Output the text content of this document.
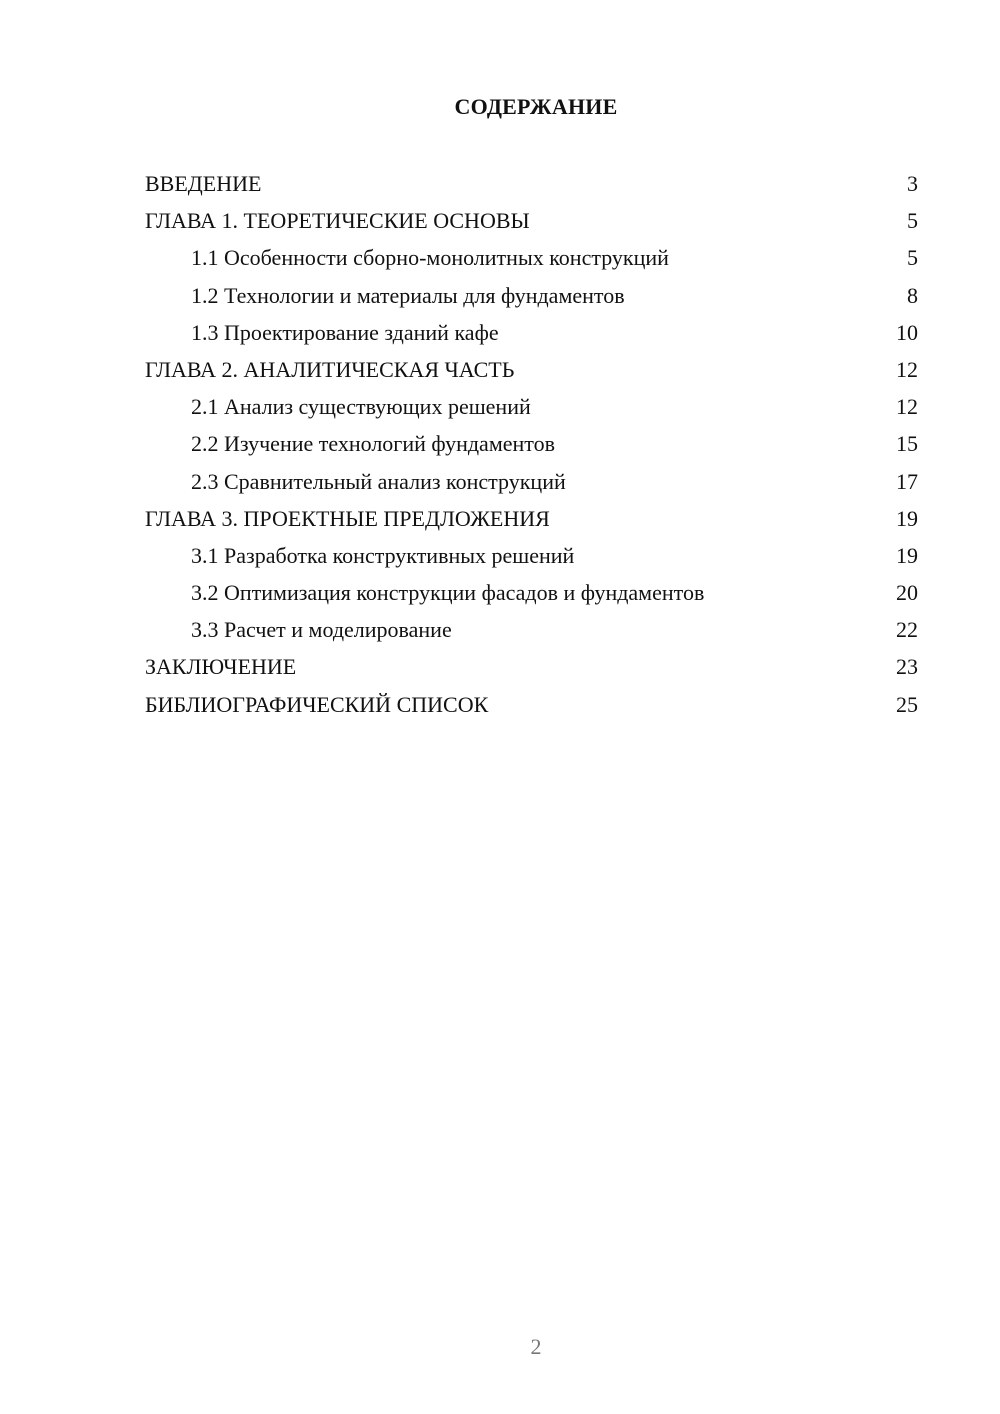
СОДЕРЖАНИЕ
ВВЕДЕНИЕ	3
ГЛАВА 1. ТЕОРЕТИЧЕСКИЕ ОСНОВЫ	5
1.1 Особенности сборно-монолитных конструкций	5
1.2 Технологии и материалы для фундаментов	8
1.3 Проектирование зданий кафе	10
ГЛАВА 2. АНАЛИТИЧЕСКАЯ ЧАСТЬ	12
2.1 Анализ существующих решений	12
2.2 Изучение технологий фундаментов	15
2.3 Сравнительный анализ конструкций	17
ГЛАВА 3. ПРОЕКТНЫЕ ПРЕДЛОЖЕНИЯ	19
3.1 Разработка конструктивных решений	19
3.2 Оптимизация конструкции фасадов и фундаментов	20
3.3 Расчет и моделирование	22
ЗАКЛЮЧЕНИЕ	23
БИБЛИОГРАФИЧЕСКИЙ СПИСОК	25
2
